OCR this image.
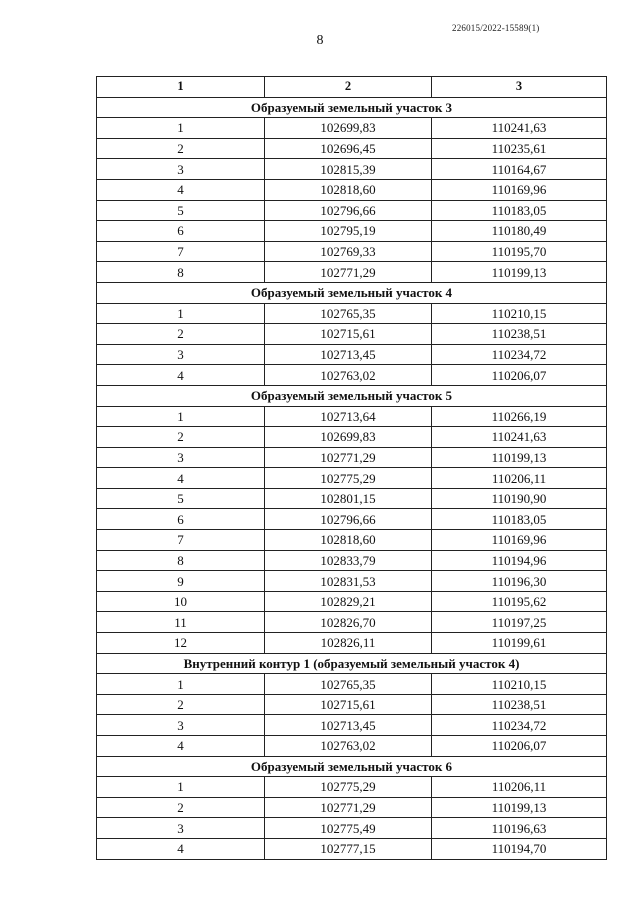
226015/2022-15589(1)
8
1	2	3
Образуемый земельный участок 3		
1	102699,83	110241,63
2	102696,45	110235,61
3	102815,39	110164,67
4	102818,60	110169,96
5	102796,66	110183,05
6	102795,19	110180,49
7	102769,33	110195,70
8	102771,29	110199,13
Образуемый земельный участок 4		
1	102765,35	110210,15
2	102715,61	110238,51
3	102713,45	110234,72
4	102763,02	110206,07
Образуемый земельный участок 5		
1	102713,64	110266,19
2	102699,83	110241,63
3	102771,29	110199,13
4	102775,29	110206,11
5	102801,15	110190,90
6	102796,66	110183,05
7	102818,60	110169,96
8	102833,79	110194,96
9	102831,53	110196,30
10	102829,21	110195,62
11	102826,70	110197,25
12	102826,11	110199,61
Внутренний контур 1 (образуемый земельный участок 4)		
1	102765,35	110210,15
2	102715,61	110238,51
3	102713,45	110234,72
4	102763,02	110206,07
Образуемый земельный участок 6		
1	102775,29	110206,11
2	102771,29	110199,13
3	102775,49	110196,63
4	102777,15	110194,70
